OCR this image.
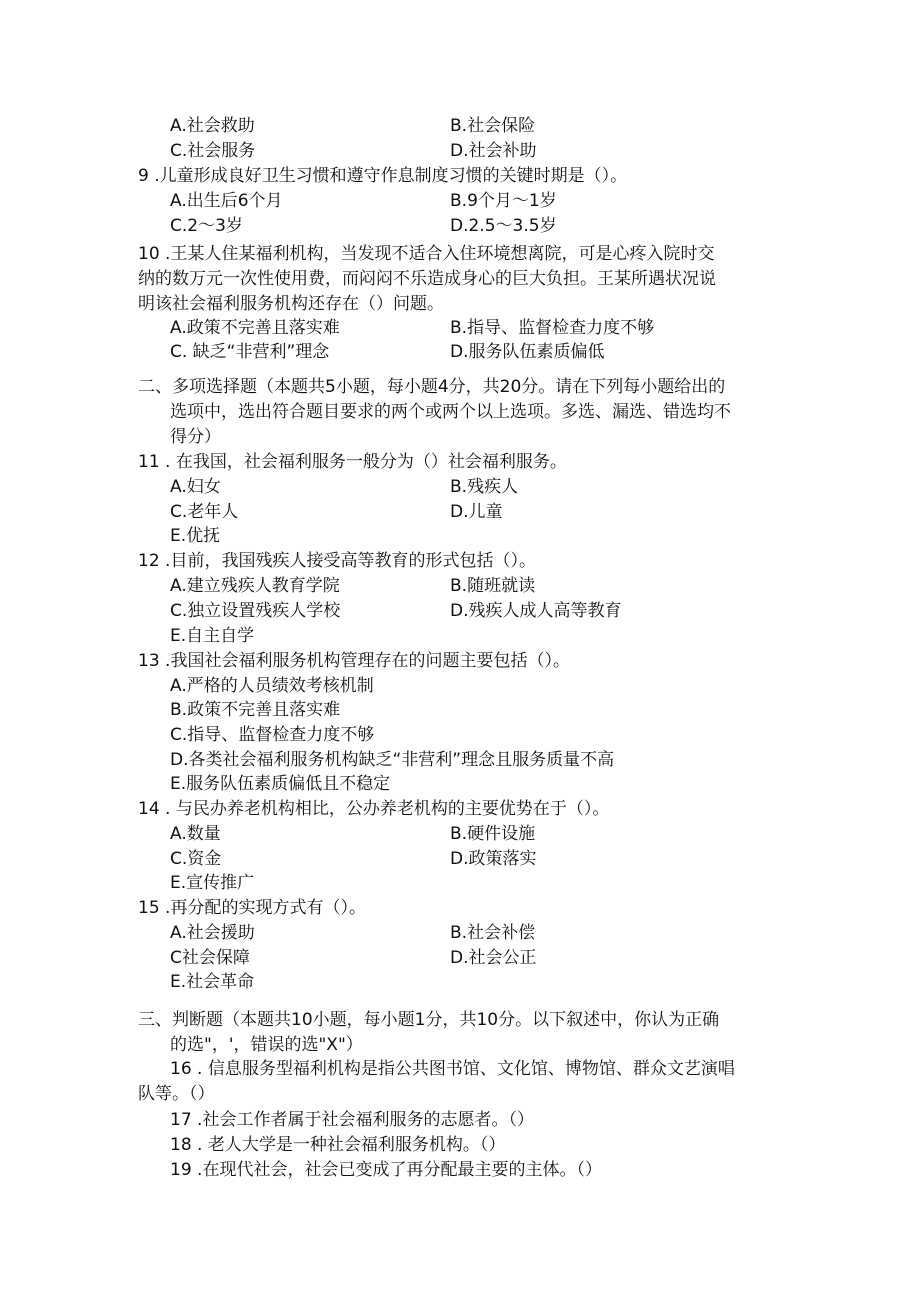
A.社会救助	B.社会保险
C.社会服务	D.社会补助
9 .儿童形成良好卫生习惯和遵守作息制度习惯的关键时期是（）。
A.出生后6个月	B.9个月～1岁
C.2～3岁	D.2.5～3.5岁
10 .王某人住某福利机构，当发现不适合入住环境想离院，可是心疼入院时交
纳的数万元一次性使用费，而闷闷不乐造成身心的巨大负担。王某所遇状况说
明该社会福利服务机构还存在（）问题。
A.政策不完善且落实难	B.指导、监督检查力度不够
C. 缺乏“非营利”理念	D.服务队伍素质偏低
二、多项选择题（本题共5小题，每小题4分，共20分。请在下列每小题给出的
选项中，选出符合题目要求的两个或两个以上选项。多选、漏选、错选均不
得分）
11 . 在我国，社会福利服务一般分为（）社会福利服务。
A.妇女	B.残疾人
C.老年人	D.儿童
E.优抚
12 .目前，我国残疾人接受高等教育的形式包括（）。
A.建立残疾人教育学院	B.随班就读
C.独立设置残疾人学校	D.残疾人成人高等教育
E.自主自学
13 .我国社会福利服务机构管理存在的问题主要包括（）。
A.严格的人员绩效考核机制
B.政策不完善且落实难
C.指导、监督检查力度不够
D.各类社会福利服务机构缺乏“非营利”理念且服务质量不高
E.服务队伍素质偏低且不稳定
14 . 与民办养老机构相比，公办养老机构的主要优势在于（）。
A.数量	B.硬件设施
C.资金	D.政策落实
E.宣传推广
15 .再分配的实现方式有（）。
A.社会援助	B.社会补偿
C社会保障	D.社会公正
E.社会革命
三、判断题（本题共10小题，每小题1分，共10分。以下叙述中，你认为正确
的选"，'，错误的选"X"）
16 . 信息服务型福利机构是指公共图书馆、文化馆、博物馆、群众文艺演唱
队等。（）
17 .社会工作者属于社会福利服务的志愿者。（）
18 . 老人大学是一种社会福利服务机构。（）
19 .在现代社会，社会已变成了再分配最主要的主体。（）
